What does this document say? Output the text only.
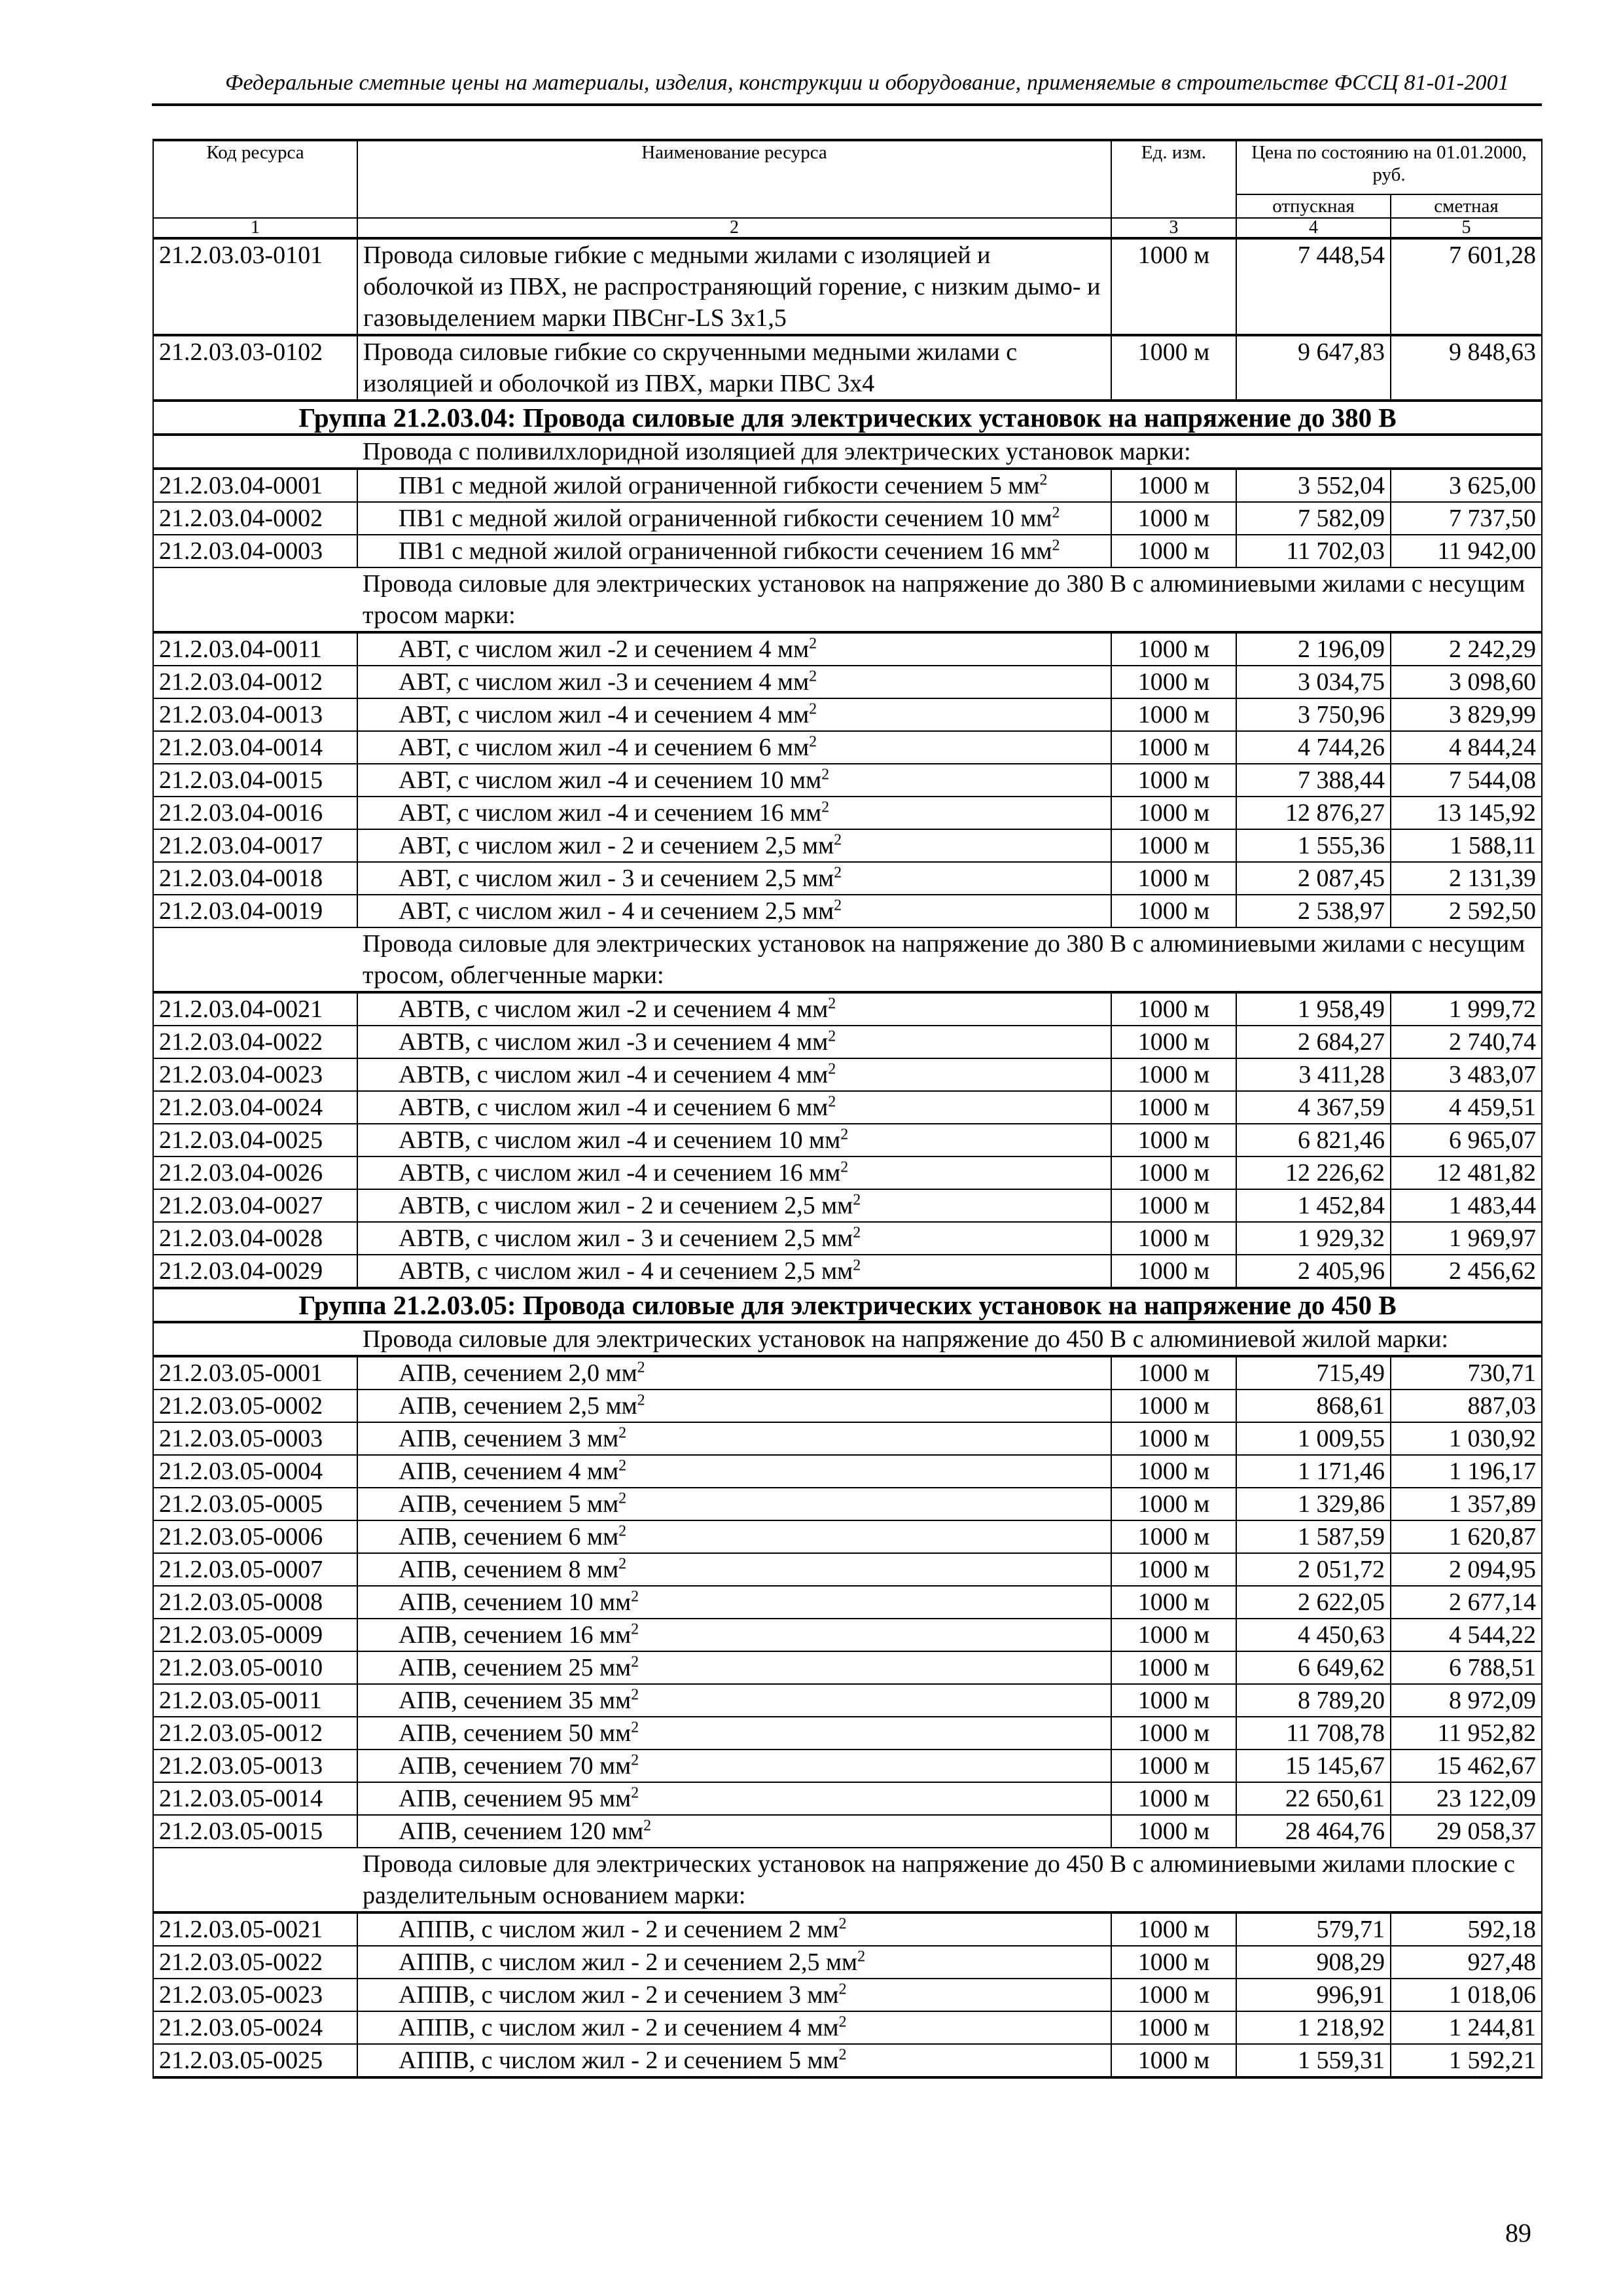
Федеральные сметные цены на материалы, изделия, конструкции и оборудование, применяемые в строительстве ФССЦ 81-01-2001
Код ресурса	Наименование ресурса	Ед. изм.	Цена по состоянию на 01.01.2000, руб.	
			отпускная	сметная
1	2	3	4	5
21.2.03.03-0101	Провода силовые гибкие с медными жилами с изоляцией и оболочкой из ПВХ, не распространяющий горение, с низким дымо- и газовыделением марки ПВСнг-LS 3х1,5	1000 м	7 448,54	7 601,28
21.2.03.03-0102	Провода силовые гибкие со скрученными медными жилами с изоляцией и оболочкой из ПВХ, марки ПВС 3х4	1000 м	9 647,83	9 848,63
Группа 21.2.03.04: Провода силовые для электрических установок на напряжение до 380 В				
	Провода с поливилхлоридной изоляцией для электрических установок марки:			
21.2.03.04-0001	ПВ1 с медной жилой ограниченной гибкости сечением 5 $мм^2$	1000 м	3 552,04	3 625,00
21.2.03.04-0002	ПВ1 с медной жилой ограниченной гибкости сечением 10 $мм^2$	1000 м	7 582,09	7 737,50
21.2.03.04-0003	ПВ1 с медной жилой ограниченной гибкости сечением 16 $мм^2$	1000 м	11 702,03	11 942,00
	Провода силовые для электрических установок на напряжение до 380 В с алюминиевыми жилами с несущим тросом марки:			
21.2.03.04-0011	АВТ, с числом жил -2 и сечением 4 $мм^2$	1000 м	2 196,09	2 242,29
21.2.03.04-0012	АВТ, с числом жил -3 и сечением 4 $мм^2$	1000 м	3 034,75	3 098,60
21.2.03.04-0013	АВТ, с числом жил -4 и сечением 4 $мм^2$	1000 м	3 750,96	3 829,99
21.2.03.04-0014	АВТ, с числом жил -4 и сечением 6 $мм^2$	1000 м	4 744,26	4 844,24
21.2.03.04-0015	АВТ, с числом жил -4 и сечением 10 $мм^2$	1000 м	7 388,44	7 544,08
21.2.03.04-0016	АВТ, с числом жил -4 и сечением 16 $мм^2$	1000 м	12 876,27	13 145,92
21.2.03.04-0017	АВТ, с числом жил - 2 и сечением 2,5 $мм^2$	1000 м	1 555,36	1 588,11
21.2.03.04-0018	АВТ, с числом жил - 3 и сечением 2,5 $мм^2$	1000 м	2 087,45	2 131,39
21.2.03.04-0019	АВТ, с числом жил - 4 и сечением 2,5 $мм^2$	1000 м	2 538,97	2 592,50
	Провода силовые для электрических установок на напряжение до 380 В с алюминиевыми жилами с несущим тросом, облегченные марки:			
21.2.03.04-0021	АВТВ, с числом жил -2 и сечением 4 $мм^2$	1000 м	1 958,49	1 999,72
21.2.03.04-0022	АВТВ, с числом жил -3 и сечением 4 $мм^2$	1000 м	2 684,27	2 740,74
21.2.03.04-0023	АВТВ, с числом жил -4 и сечением 4 $мм^2$	1000 м	3 411,28	3 483,07
21.2.03.04-0024	АВТВ, с числом жил -4 и сечением 6 $мм^2$	1000 м	4 367,59	4 459,51
21.2.03.04-0025	АВТВ, с числом жил -4 и сечением 10 $мм^2$	1000 м	6 821,46	6 965,07
21.2.03.04-0026	АВТВ, с числом жил -4 и сечением 16 $мм^2$	1000 м	12 226,62	12 481,82
21.2.03.04-0027	АВТВ, с числом жил - 2 и сечением 2,5 $мм^2$	1000 м	1 452,84	1 483,44
21.2.03.04-0028	АВТВ, с числом жил - 3 и сечением 2,5 $мм^2$	1000 м	1 929,32	1 969,97
21.2.03.04-0029	АВТВ, с числом жил - 4 и сечением 2,5 $мм^2$	1000 м	2 405,96	2 456,62
Группа 21.2.03.05: Провода силовые для электрических установок на напряжение до 450 В				
	Провода силовые для электрических установок на напряжение до 450 В с алюминиевой жилой марки:			
21.2.03.05-0001	АПВ, сечением 2,0 $мм^2$	1000 м	715,49	730,71
21.2.03.05-0002	АПВ, сечением 2,5 $мм^2$	1000 м	868,61	887,03
21.2.03.05-0003	АПВ, сечением 3 $мм^2$	1000 м	1 009,55	1 030,92
21.2.03.05-0004	АПВ, сечением 4 $мм^2$	1000 м	1 171,46	1 196,17
21.2.03.05-0005	АПВ, сечением 5 $мм^2$	1000 м	1 329,86	1 357,89
21.2.03.05-0006	АПВ, сечением 6 $мм^2$	1000 м	1 587,59	1 620,87
21.2.03.05-0007	АПВ, сечением 8 $мм^2$	1000 м	2 051,72	2 094,95
21.2.03.05-0008	АПВ, сечением 10 $мм^2$	1000 м	2 622,05	2 677,14
21.2.03.05-0009	АПВ, сечением 16 $мм^2$	1000 м	4 450,63	4 544,22
21.2.03.05-0010	АПВ, сечением 25 $мм^2$	1000 м	6 649,62	6 788,51
21.2.03.05-0011	АПВ, сечением 35 $мм^2$	1000 м	8 789,20	8 972,09
21.2.03.05-0012	АПВ, сечением 50 $мм^2$	1000 м	11 708,78	11 952,82
21.2.03.05-0013	АПВ, сечением 70 $мм^2$	1000 м	15 145,67	15 462,67
21.2.03.05-0014	АПВ, сечением 95 $мм^2$	1000 м	22 650,61	23 122,09
21.2.03.05-0015	АПВ, сечением 120 $мм^2$	1000 м	28 464,76	29 058,37
	Провода силовые для электрических установок на напряжение до 450 В с алюминиевыми жилами плоские с разделительным основанием марки:			
21.2.03.05-0021	АППВ, с числом жил - 2 и сечением 2 $мм^2$	1000 м	579,71	592,18
21.2.03.05-0022	АППВ, с числом жил - 2 и сечением 2,5 $мм^2$	1000 м	908,29	927,48
21.2.03.05-0023	АППВ, с числом жил - 2 и сечением 3 $мм^2$	1000 м	996,91	1 018,06
21.2.03.05-0024	АППВ, с числом жил - 2 и сечением 4 $мм^2$	1000 м	1 218,92	1 244,81
21.2.03.05-0025	АППВ, с числом жил - 2 и сечением 5 $мм^2$	1000 м	1 559,31	1 592,21
89
